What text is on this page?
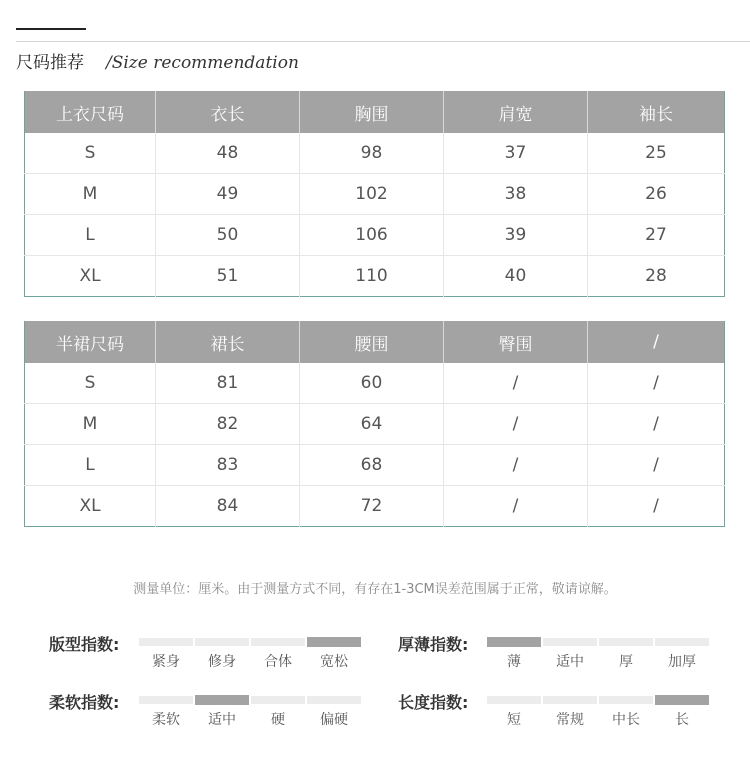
尺码推荐 /Size recommendation
上衣尺码	衣长	胸围	肩宽	袖长
S	48	98	37	25
M	49	102	38	26
L	50	106	39	27
XL	51	110	40	28
半裙尺码	裙长	腰围	臀围	/
S	81	60	/	/
M	82	64	/	/
L	83	68	/	/
XL	84	72	/	/
测量单位：厘米。由于测量方式不同，有存在1-3CM误差范围属于正常，敬请谅解。
版型指数:
紧身	修身	合体	宽松
厚薄指数:
薄	适中	厚	加厚
柔软指数:
柔软	适中	硬	偏硬
长度指数:
短	常规	中长	长
